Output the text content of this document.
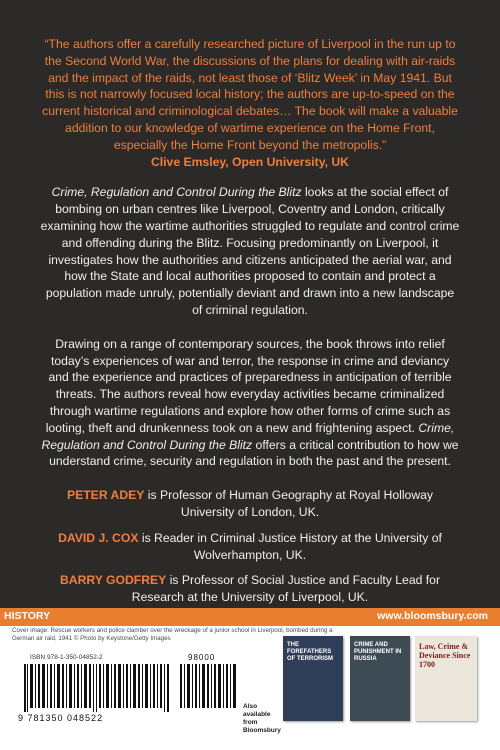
“The authors offer a carefully researched picture of Liverpool in the run up to the Second World War, the discussions of the plans for dealing with air-raids and the impact of the raids, not least those of ‘Blitz Week’ in May 1941. But this is not narrowly focused local history; the authors are up-to-speed on the current historical and criminological debates… The book will make a valuable addition to our knowledge of wartime experience on the Home Front, especially the Home Front beyond the metropolis.”

Clive Emsley, Open University, UK

Crime, Regulation and Control During the Blitz looks at the social effect of bombing on urban centres like Liverpool, Coventry and London, critically examining how the wartime authorities struggled to regulate and control crime and offending during the Blitz. Focusing predominantly on Liverpool, it investigates how the authorities and citizens anticipated the aerial war, and how the State and local authorities proposed to contain and protect a population made unruly, potentially deviant and drawn into a new landscape of criminal regulation.

Drawing on a range of contemporary sources, the book throws into relief today’s experiences of war and terror, the response in crime and deviancy and the experience and practices of preparedness in anticipation of terrible threats. The authors reveal how everyday activities became criminalized through wartime regulations and explore how other forms of crime such as looting, theft and drunkenness took on a new and frightening aspect. Crime, Regulation and Control During the Blitz offers a critical contribution to how we understand crime, security and regulation in both the past and the present.

PETER ADEY is Professor of Human Geography at Royal Holloway University of London, UK.

DAVID J. COX is Reader in Criminal Justice History at the University of Wolverhampton, UK.

BARRY GODFREY is Professor of Social Justice and Faculty Lead for Research at the University of Liverpool, UK.

HISTORY	www.bloomsbury.com
Cover image: Rescue workers and police clamber over the wreckage of a junior school in Liverpool, bombed during a German air raid, 1941 © Photo by Keystone/Getty Images
ISBN 978-1-350-04852-2	98000
9 781350 048522
Also available from Bloomsbury
THE FOREFATHERS OF TERRORISM
CRIME AND PUNISHMENT IN RUSSIA
Law, Crime & Deviance Since 1700
